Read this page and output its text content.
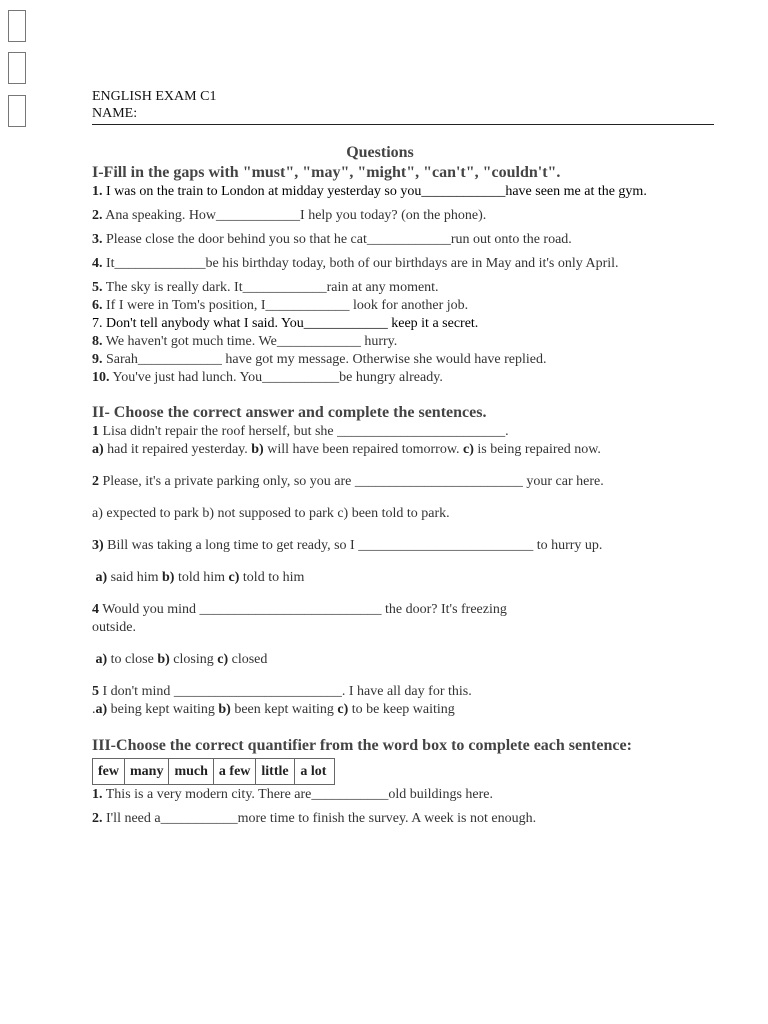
ENGLISH EXAM C1
NAME:
Questions
I-Fill in the gaps with "must", "may", "might", "can't", "couldn't".
1. I was on the train to London at midday yesterday so you____________have seen me at the gym.
2. Ana speaking. How____________I help you today? (on the phone).
3. Please close the door behind you so that he cat____________run out onto the road.
4. It_____________be his birthday today, both of our birthdays are in May and it's only April.
5. The sky is really dark. It____________rain at any moment.
6. If I were in Tom's position, I____________ look for another job.
7. Don't tell anybody what I said. You____________ keep it a secret.
8. We haven't got much time. We____________ hurry.
9. Sarah____________ have got my message. Otherwise she would have replied.
10. You've just had lunch. You___________be hungry already.
II- Choose the correct answer and complete the sentences.
1 Lisa didn't repair the roof herself, but she ________________________.
a) had it repaired yesterday. b) will have been repaired tomorrow. c) is being repaired now.
2 Please, it's a private parking only, so you are ________________________ your car here.
a) expected to park b) not supposed to park c) been told to park.
3) Bill was taking a long time to get ready, so I _________________________ to hurry up.
a) said him b) told him c) told to him
4 Would you mind __________________________ the door? It's freezing outside.
a) to close b) closing c) closed
5 I don't mind ________________________. I have all day for this.
.a) being kept waiting b) been kept waiting c) to be keep waiting
III-Choose the correct quantifier from the word box to complete each sentence:
few	many	much	a few	little	a lot
1. This is a very modern city. There are___________old buildings here.
2. I'll need a___________more time to finish the survey. A week is not enough.
